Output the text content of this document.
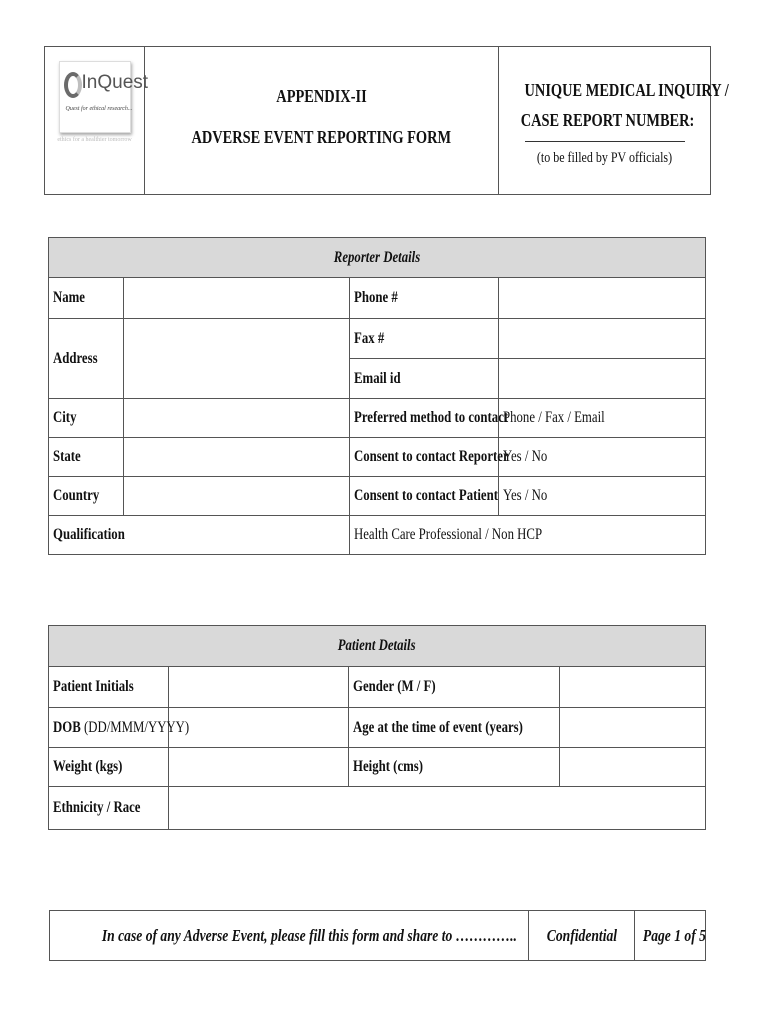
InQuest
Quest for ethical research...
ethics for a healthier tomorrow

APPENDIX-II
ADVERSE EVENT REPORTING FORM

UNIQUE MEDICAL INQUIRY /
CASE REPORT NUMBER:
(to be filled by PV officials)
Reporter Details			
Name		Phone #	
Address		Fax #	
		Email id	
City		Preferred method to contact	Phone / Fax / Email
State		Consent to contact Reporter	Yes / No
Country		Consent to contact Patient	Yes / No
Qualification		Health Care Professional / Non HCP	
Patient Details			
Patient Initials		Gender (M / F)	
DOB (DD/MMM/YYYY)		Age at the time of event (years)	
Weight (kgs)		Height (cms)	
Ethnicity / Race			
In case of any Adverse Event, please fill this form and share to …………..	Confidential	Page 1 of 5
